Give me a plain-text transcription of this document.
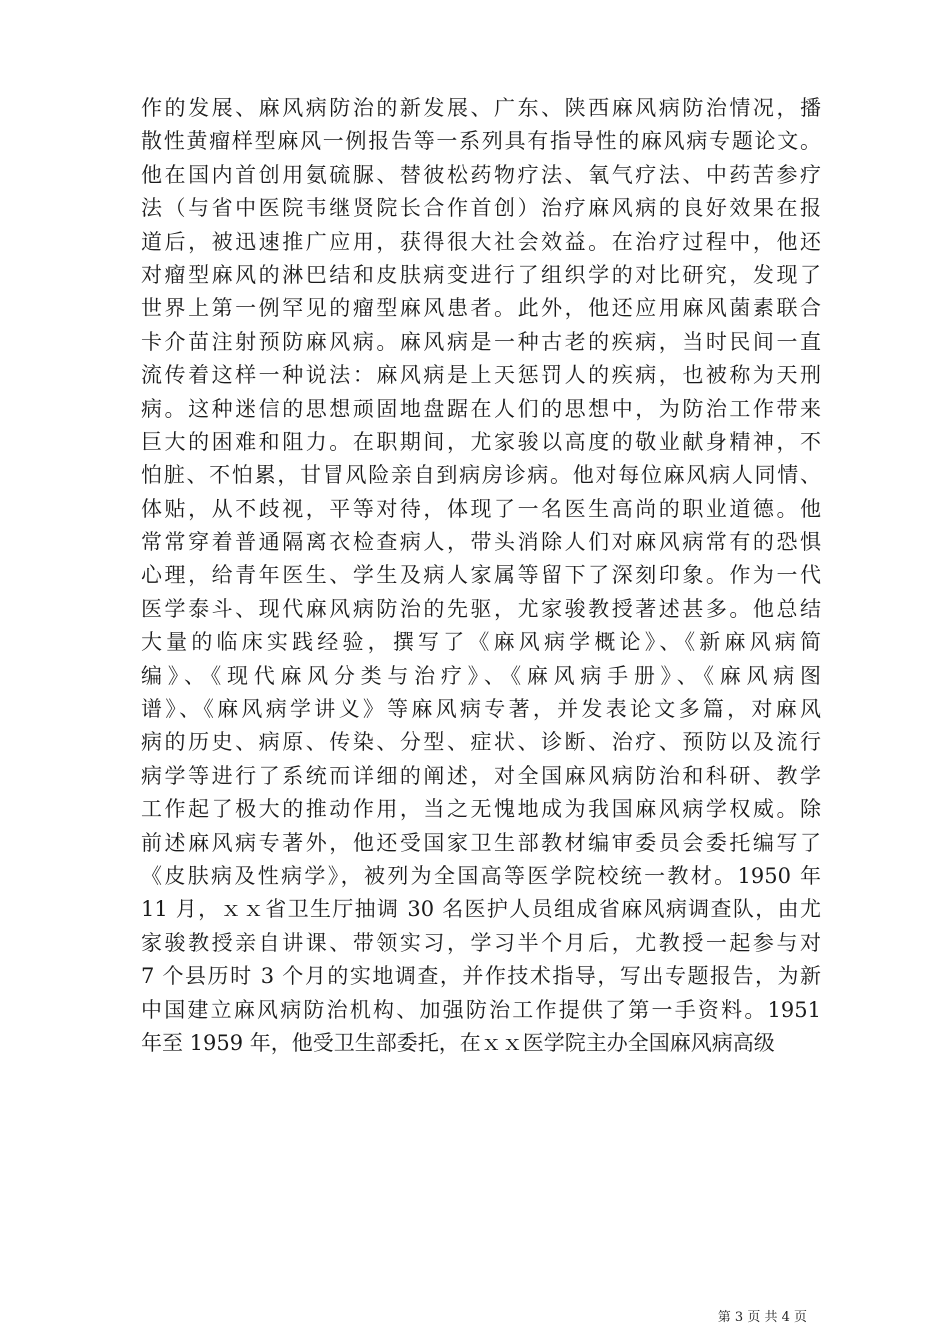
作的发展、麻风病防治的新发展、广东、陕西麻风病防治情况，播
散性黄瘤样型麻风一例报告等一系列具有指导性的麻风病专题论文。
他在国内首创用氨硫脲、替彼松药物疗法、氧气疗法、中药苦参疗
法（与省中医院韦继贤院长合作首创）治疗麻风病的良好效果在报
道后，被迅速推广应用，获得很大社会效益。在治疗过程中，他还
对瘤型麻风的淋巴结和皮肤病变进行了组织学的对比研究，发现了
世界上第一例罕见的瘤型麻风患者。此外，他还应用麻风菌素联合
卡介苗注射预防麻风病。麻风病是一种古老的疾病，当时民间一直
流传着这样一种说法：麻风病是上天惩罚人的疾病，也被称为天刑
病。这种迷信的思想顽固地盘踞在人们的思想中，为防治工作带来
巨大的困难和阻力。在职期间，尤家骏以高度的敬业献身精神，不
怕脏、不怕累，甘冒风险亲自到病房诊病。他对每位麻风病人同情、
体贴，从不歧视，平等对待，体现了一名医生高尚的职业道德。他
常常穿着普通隔离衣检查病人，带头消除人们对麻风病常有的恐惧
心理，给青年医生、学生及病人家属等留下了深刻印象。作为一代
医学泰斗、现代麻风病防治的先驱，尤家骏教授著述甚多。他总结
大量的临床实践经验，撰写了《麻风病学概论》、《新麻风病简
编》、《现代麻风分类与治疗》、《麻风病手册》、《麻风病图
谱》、《麻风病学讲义》等麻风病专著，并发表论文多篇，对麻风
病的历史、病原、传染、分型、症状、诊断、治疗、预防以及流行
病学等进行了系统而详细的阐述，对全国麻风病防治和科研、教学
工作起了极大的推动作用，当之无愧地成为我国麻风病学权威。除
前述麻风病专著外，他还受国家卫生部教材编审委员会委托编写了
《皮肤病及性病学》，被列为全国高等医学院校统一教材。1950 年
11 月，ｘｘ省卫生厅抽调 30 名医护人员组成省麻风病调查队，由尤
家骏教授亲自讲课、带领实习，学习半个月后，尤教授一起参与对
7 个县历时 3 个月的实地调查，并作技术指导，写出专题报告，为新
中国建立麻风病防治机构、加强防治工作提供了第一手资料。1951
年至 1959 年，他受卫生部委托，在ｘｘ医学院主办全国麻风病高级
第 3 页 共 4 页
